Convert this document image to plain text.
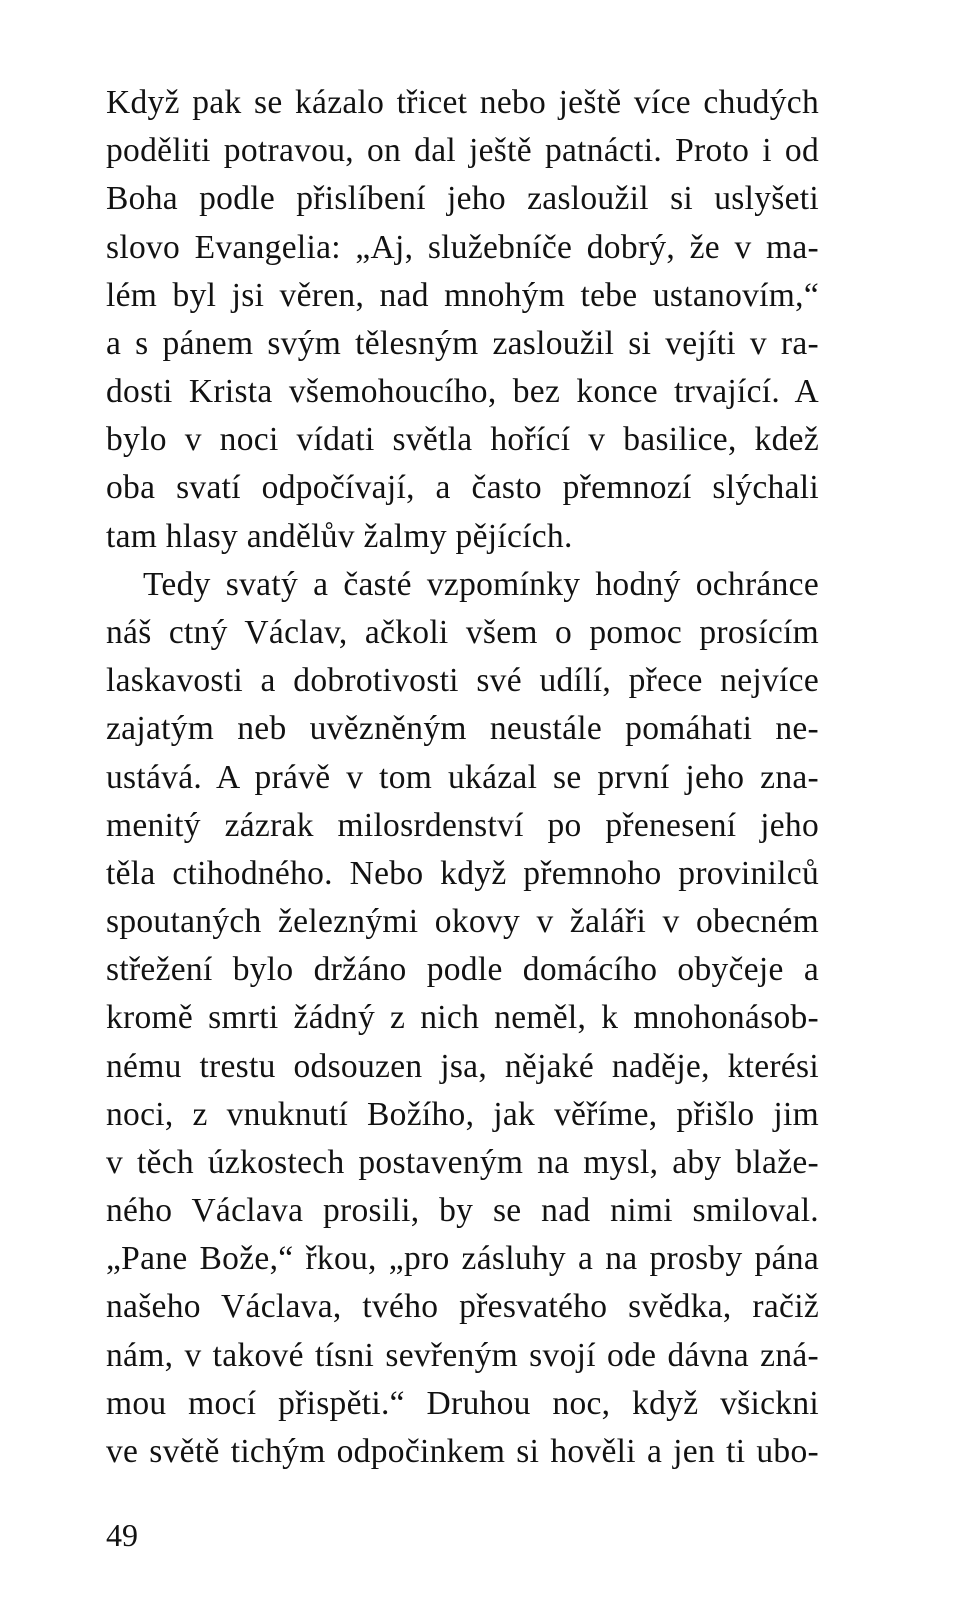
Když pak se kázalo třicet nebo ještě více chudých
poděliti potravou, on dal ještě patnácti. Proto i od
Boha podle přislíbení jeho zasloužil si uslyšeti
slovo Evangelia: „Aj, služebníče dobrý, že v ma-
lém byl jsi věren, nad mnohým tebe ustanovím,“
a s pánem svým tělesným zasloužil si vejíti v ra-
dosti Krista všemohoucího, bez konce trvající. A
bylo v noci vídati světla hořící v basilice, kdež
oba svatí odpočívají, a často přemnozí slýchali
tam hlasy andělův žalmy pějících.
Tedy svatý a časté vzpomínky hodný ochránce
náš ctný Václav, ačkoli všem o pomoc prosícím
laskavosti a dobrotivosti své udílí, přece nejvíce
zajatým neb uvězněným neustále pomáhati ne-
ustává. A právě v tom ukázal se první jeho zna-
menitý zázrak milosrdenství po přenesení jeho
těla ctihodného. Nebo když přemnoho provinilců
spoutaných železnými okovy v žaláři v obecném
střežení bylo držáno podle domácího obyčeje a
kromě smrti žádný z nich neměl, k mnohonásob-
nému trestu odsouzen jsa, nějaké naděje, kterési
noci, z vnuknutí Božího, jak věříme, přišlo jim
v těch úzkostech postaveným na mysl, aby blaže-
ného Václava prosili, by se nad nimi smiloval.
„Pane Bože,“ řkou, „pro zásluhy a na prosby pána
našeho Václava, tvého přesvatého svědka, račiž
nám, v takové tísni sevřeným svojí ode dávna zná-
mou mocí přispěti.“ Druhou noc, když všickni
ve světě tichým odpočinkem si hověli a jen ti ubo-
49
